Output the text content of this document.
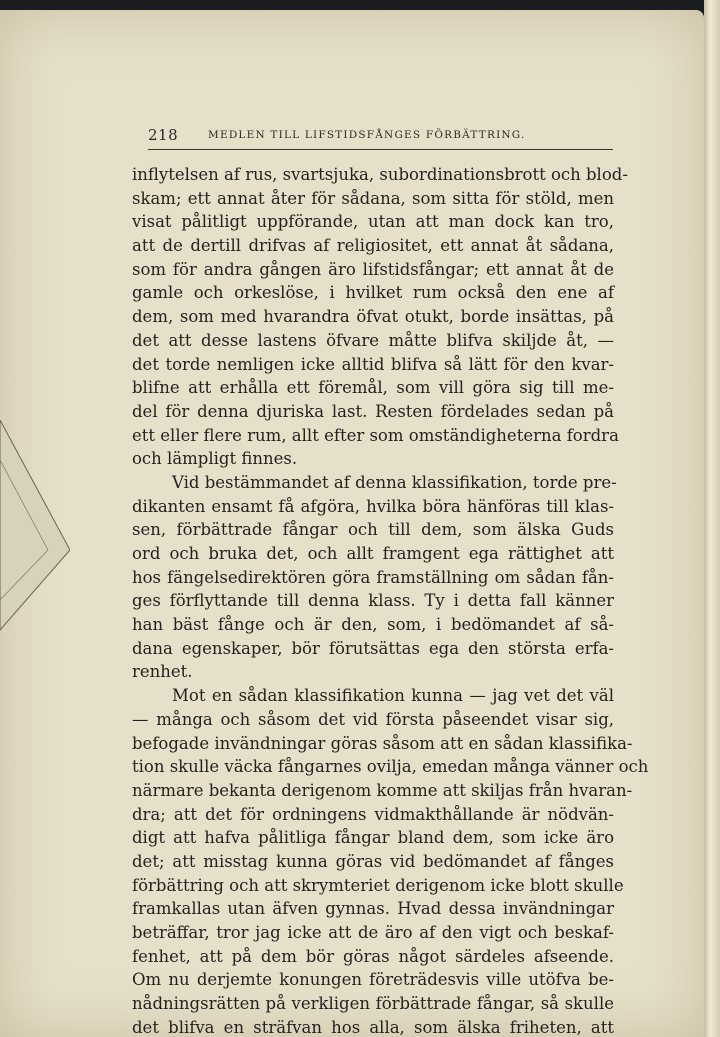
218	MEDLEN TILL LIFSTIDSFÅNGES FÖRBÄTTRING.
inflytelsen af rus, svartsjuka, subordinationsbrott och blod-
skam; ett annat åter för sådana, som sitta för stöld, men
visat pålitligt uppförande, utan att man dock kan tro,
att de dertill drifvas af religiositet, ett annat åt sådana,
som för andra gången äro lifstidsfångar; ett annat åt de
gamle och orkeslöse, i hvilket rum också den ene af
dem, som med hvarandra öfvat otukt, borde insättas, på
det att desse lastens öfvare måtte blifva skiljde åt, —
det torde nemligen icke alltid blifva så lätt för den kvar-
blifne att erhålla ett föremål, som vill göra sig till me-
del för denna djuriska last. Resten fördelades sedan på
ett eller flere rum, allt efter som omständigheterna fordra
och lämpligt finnes.
Vid bestämmandet af denna klassifikation, torde pre-
dikanten ensamt få afgöra, hvilka böra hänföras till klas-
sen, förbättrade fångar och till dem, som älska Guds
ord och bruka det, och allt framgent ega rättighet att
hos fängelsedirektören göra framställning om sådan fån-
ges förflyttande till denna klass. Ty i detta fall känner
han bäst fånge och är den, som, i bedömandet af så-
dana egenskaper, bör förutsättas ega den största erfa-
renhet.
Mot en sådan klassifikation kunna — jag vet det väl
— många och såsom det vid första påseendet visar sig,
befogade invändningar göras såsom att en sådan klassifika-
tion skulle väcka fångarnes ovilja, emedan många vänner och
närmare bekanta derigenom komme att skiljas från hvaran-
dra; att det för ordningens vidmakthållande är nödvän-
digt att hafva pålitliga fångar bland dem, som icke äro
det; att misstag kunna göras vid bedömandet af fånges
förbättring och att skrymteriet derigenom icke blott skulle
framkallas utan äfven gynnas. Hvad dessa invändningar
beträffar, tror jag icke att de äro af den vigt och beskaf-
fenhet, att på dem bör göras något särdeles afseende.
Om nu derjemte konungen företrädesvis ville utöfva be-
nådningsrätten på verkligen förbättrade fångar, så skulle
det blifva en sträfvan hos alla, som älska friheten, att
